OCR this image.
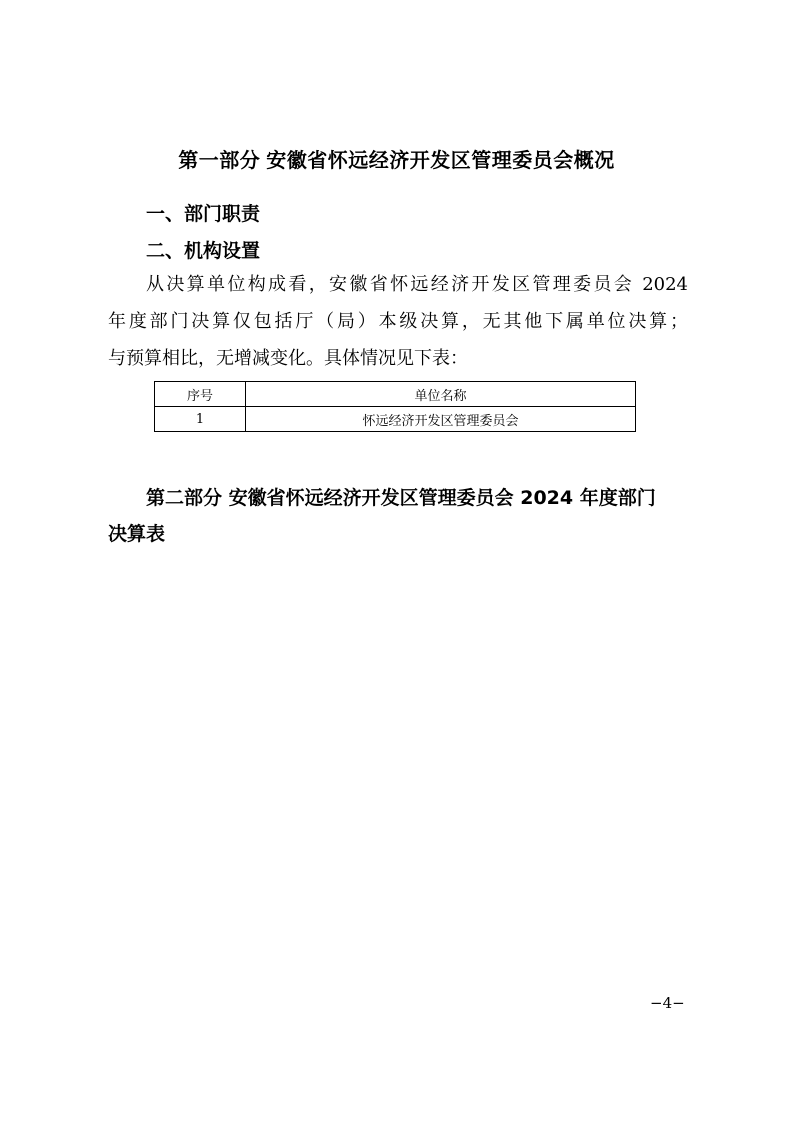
第一部分 安徽省怀远经济开发区管理委员会概况
一、部门职责
二、机构设置
从决算单位构成看，安徽省怀远经济开发区管理委员会 2024
年度部门决算仅包括厅（局）本级决算，无其他下属单位决算；
与预算相比，无增减变化。具体情况见下表：
序号	单位名称
1	怀远经济开发区管理委员会
第二部分 安徽省怀远经济开发区管理委员会 2024 年度部门
决算表
−4−
